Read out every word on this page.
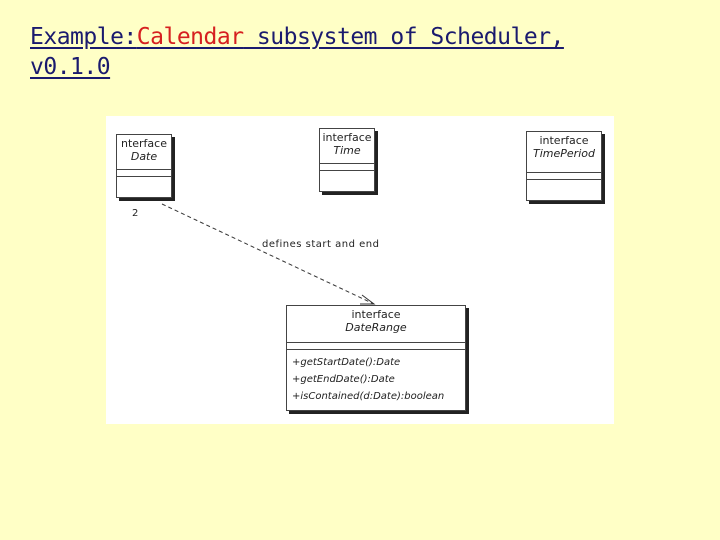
Example:Calendar subsystem of Scheduler, v0.1.0
nterface
Date
interface
Time
interface
TimePeriod
interface
DateRange
+getStartDate():Date
+getEndDate():Date
+isContained(d:Date):boolean
2
defines start and end
